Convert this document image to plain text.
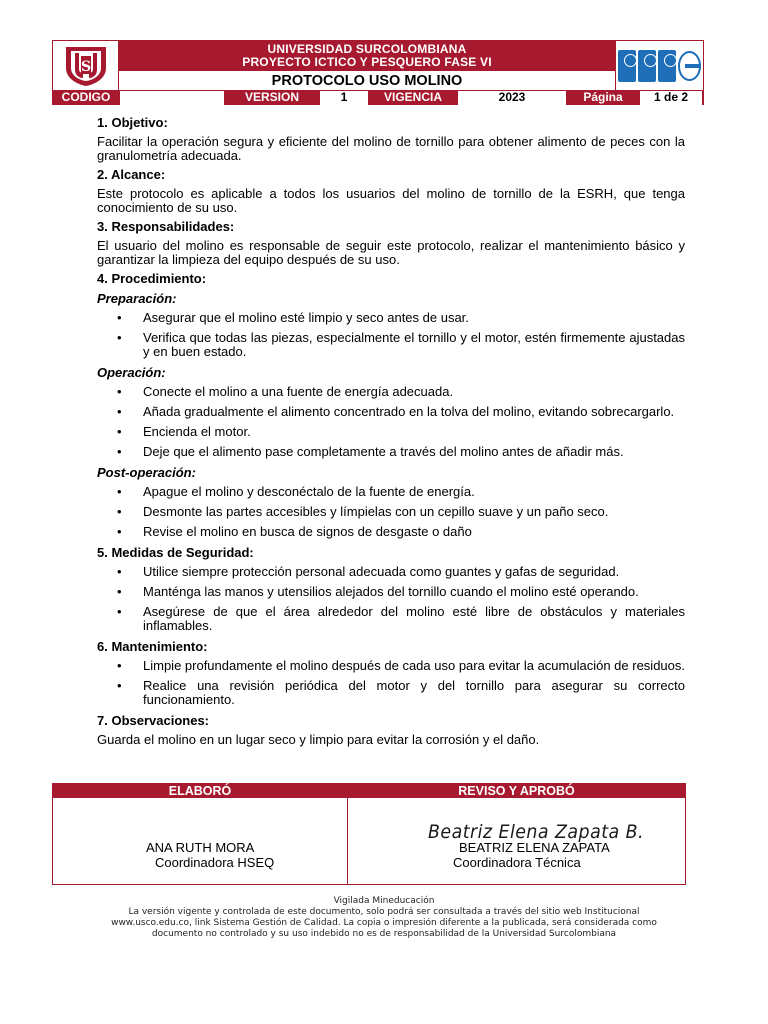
S
UNIVERSIDAD SURCOLOMBIANA
PROYECTO ICTICO Y PESQUERO FASE VI
PROTOCOLO USO MOLINO
CODIGO	VERSION	1	VIGENCIA	2023	Página	1 de 2
1. Objetivo:
Facilitar la operación segura y eficiente del molino de tornillo para obtener alimento de peces con la granulometría adecuada.
2. Alcance:
Este protocolo es aplicable a todos los usuarios del molino de tornillo de la ESRH, que tenga conocimiento de su uso.
3. Responsabilidades:
El usuario del molino es responsable de seguir este protocolo, realizar el mantenimiento básico y garantizar la limpieza del equipo después de su uso.
4. Procedimiento:
Preparación:
• Asegurar que el molino esté limpio y seco antes de usar.
• Verifica que todas las piezas, especialmente el tornillo y el motor, estén firmemente ajustadas y en buen estado.
Operación:
• Conecte el molino a una fuente de energía adecuada.
• Añada gradualmente el alimento concentrado en la tolva del molino, evitando sobrecargarlo.
• Encienda el motor.
• Deje que el alimento pase completamente a través del molino antes de añadir más.
Post-operación:
• Apague el molino y desconéctalo de la fuente de energía.
• Desmonte las partes accesibles y límpielas con un cepillo suave y un paño seco.
• Revise el molino en busca de signos de desgaste o daño
5. Medidas de Seguridad:
• Utilice siempre protección personal adecuada como guantes y gafas de seguridad.
• Manténga las manos y utensilios alejados del tornillo cuando el molino esté operando.
• Asegúrese de que el área alrededor del molino esté libre de obstáculos y materiales inflamables.
6. Mantenimiento:
• Limpie profundamente el molino después de cada uso para evitar la acumulación de residuos.
• Realice una revisión periódica del motor y del tornillo para asegurar su correcto funcionamiento.
7. Observaciones:
Guarda el molino en un lugar seco y limpio para evitar la corrosión y el daño.
ELABORÓ	REVISO Y APROBÓ
ANA RUTH MORA
Coordinadora HSEQ
BEATRIZ ELENA ZAPATA
Coordinadora Técnica
Beatriz Elena Zapata B.
Vigilada Mineducación
La versión vigente y controlada de este documento, solo podrá ser consultada a través del sitio web Institucional
www.usco.edu.co, link Sistema Gestión de Calidad. La copia o impresión diferente a la publicada, será considerada como
documento no controlado y su uso indebido no es de responsabilidad de la Universidad Surcolombiana
